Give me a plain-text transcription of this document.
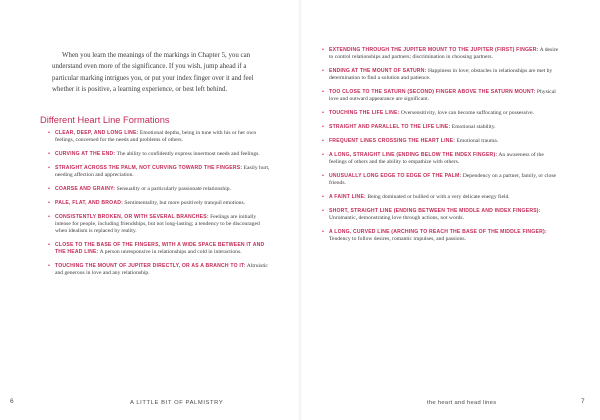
When you learn the meanings of the markings in Chapter 5, you can understand even more of the significance. If you wish, jump ahead if a particular marking intrigues you, or put your index finger over it and feel whether it is positive, a learning experience, or best left behind.

Different Heart Line Formations
• CLEAR, DEEP, AND LONG LINE: Emotional depths, being in tune with his or her own feelings, concerned for the needs and problems of others.
• CURVING AT THE END: The ability to confidently express innermost needs and feelings.
• STRAIGHT ACROSS THE PALM, NOT CURVING TOWARD THE FINGERS: Easily hurt, needing affection and appreciation.
• COARSE AND GRAINY: Sensuality or a particularly passionate relationship.
• PALE, FLAT, AND BROAD: Sentimentality, but more positively tranquil emotions.
• CONSISTENTLY BROKEN, OR WITH SEVERAL BRANCHES: Feelings are initially intense for people, including friendships, but not long-lasting; a tendency to be discouraged when idealism is replaced by reality.
• CLOSE TO THE BASE OF THE FINGERS, WITH A WIDE SPACE BETWEEN IT AND THE HEAD LINE: A person unresponsive in relationships and cold in interactions.
• TOUCHING THE MOUNT OF JUPITER DIRECTLY, OR AS A BRANCH TO IT: Altruistic and generous in love and any relationship.
6	A LITTLE BIT OF PALMISTRY
• EXTENDING THROUGH THE JUPITER MOUNT TO THE JUPITER (FIRST) FINGER: A desire to control relationships and partners; discrimination in choosing partners.
• ENDING AT THE MOUNT OF SATURN: Happiness in love; obstacles in relationships are met by determination to find a solution and patience.
• TOO CLOSE TO THE SATURN (SECOND) FINGER ABOVE THE SATURN MOUNT: Physical love and outward appearance are significant.
• TOUCHING THE LIFE LINE: Oversensitivity, love can become suffocating or possessive.
• STRAIGHT AND PARALLEL TO THE LIFE LINE: Emotional stability.
• FREQUENT LINES CROSSING THE HEART LINE: Emotional trauma.
• A LONG, STRAIGHT LINE (ENDING BELOW THE INDEX FINGER): An awareness of the feelings of others and the ability to empathize with others.
• UNUSUALLY LONG EDGE TO EDGE OF THE PALM: Dependency on a partner, family, or close friends.
• A FAINT LINE: Being dominated or bullied or with a very delicate energy field.
• SHORT, STRAIGHT LINE (ENDING BETWEEN THE MIDDLE AND INDEX FINGERS): Unromantic, demonstrating love through actions, not words.
• A LONG, CURVED LINE (ARCHING TO REACH THE BASE OF THE MIDDLE FINGER): Tendency to follow desires, romantic impulses, and passions.
the heart and head lines	7
